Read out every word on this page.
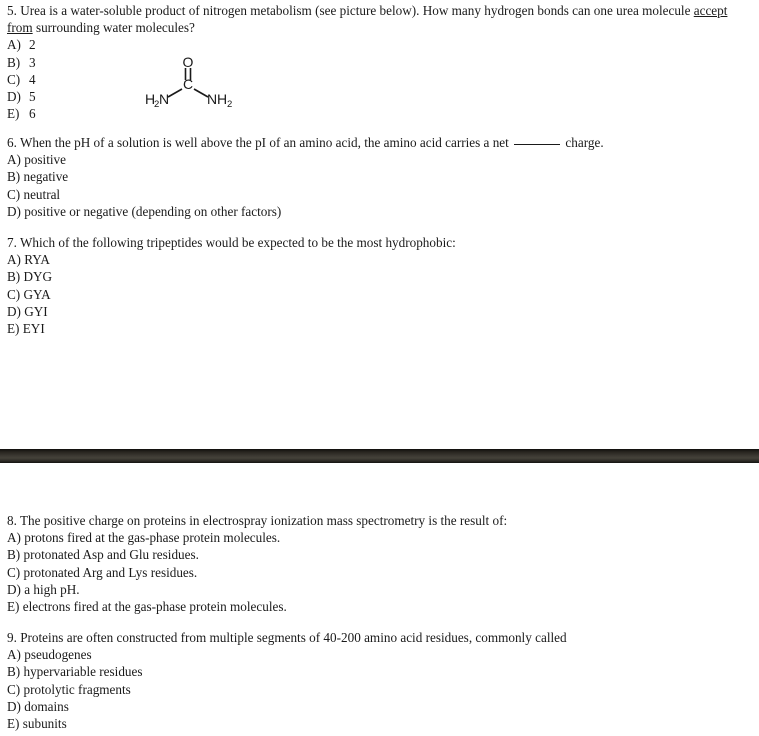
5. Urea is a water-soluble product of nitrogen metabolism (see picture below). How many hydrogen bonds can one urea molecule accept from surrounding water molecules?
A) 2
B) 3
C) 4
D) 5
E) 6
O
C
H
2 N	N H 2
6. When the pH of a solution is well above the pI of an amino acid, the amino acid carries a net	charge.
A) positive
B) negative
C) neutral
D) positive or negative (depending on other factors)
7. Which of the following tripeptides would be expected to be the most hydrophobic:
A) RYA
B) DYG
C) GYA
D) GYI
E) EYI
8. The positive charge on proteins in electrospray ionization mass spectrometry is the result of:
A) protons fired at the gas-phase protein molecules.
B) protonated Asp and Glu residues.
C) protonated Arg and Lys residues.
D) a high pH.
E) electrons fired at the gas-phase protein molecules.
9. Proteins are often constructed from multiple segments of 40-200 amino acid residues, commonly called
A) pseudogenes
B) hypervariable residues
C) protolytic fragments
D) domains
E) subunits
